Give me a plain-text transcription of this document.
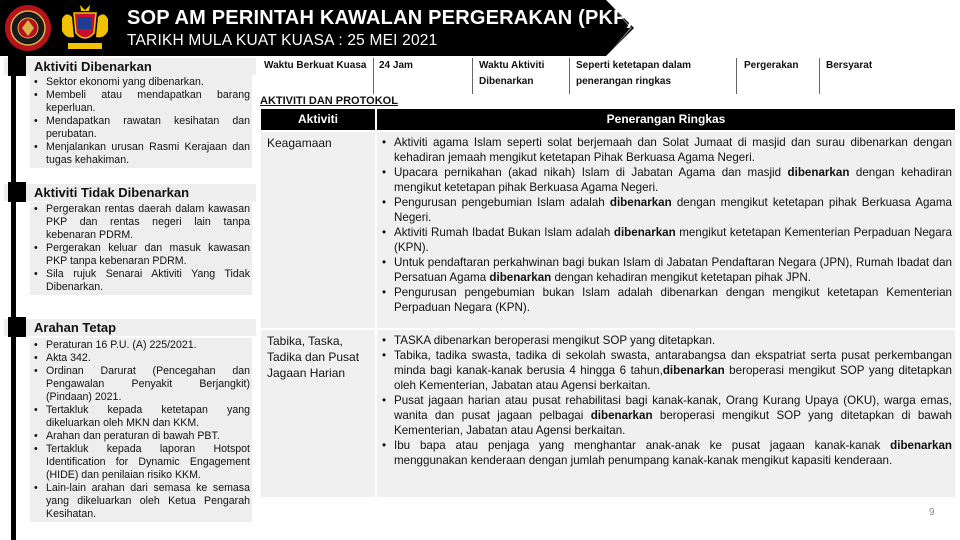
SOP AM PERINTAH KAWALAN PERGERAKAN (PKP)
TARIKH MULA KUAT KUASA : 25 MEI 2021
Aktiviti Dibenarkan
• Sektor ekonomi yang dibenarkan.
• Membeli atau mendapatkan barang keperluan.
• Mendapatkan rawatan kesihatan dan perubatan.
• Menjalankan urusan Rasmi Kerajaan dan tugas kehakiman.
Aktiviti Tidak Dibenarkan
• Pergerakan rentas daerah dalam kawasan PKP dan rentas negeri lain tanpa kebenaran PDRM.
• Pergerakan keluar dan masuk kawasan PKP tanpa kebenaran PDRM.
• Sila rujuk Senarai Aktiviti Yang Tidak Dibenarkan.
Arahan Tetap
• Peraturan 16 P.U. (A) 225/2021.
• Akta 342.
• Ordinan Darurat (Pencegahan dan Pengawalan Penyakit Berjangkit) (Pindaan) 2021.
• Tertakluk kepada ketetapan yang dikeluarkan oleh MKN dan KKM.
• Arahan dan peraturan di bawah PBT.
• Tertakluk kepada laporan Hotspot Identification for Dynamic Engagement (HIDE) dan penilaian risiko KKM.
• Lain-lain arahan dari semasa ke semasa yang dikeluarkan oleh Ketua Pengarah Kesihatan.
Waktu Berkuat Kuasa 24 Jam	Waktu Aktiviti Dibenarkan
Seperti ketetapan dalam penerangan ringkas
Pergerakan	Bersyarat
AKTIVITI DAN PROTOKOL
Aktiviti	Penerangan Ringkas
Keagamaan
•	Aktiviti agama Islam seperti solat berjemaah dan Solat Jumaat di masjid dan surau dibenarkan dengan kehadiran jemaah mengikut ketetapan Pihak Berkuasa Agama Negeri.
• Upacara pernikahan (akad nikah) Islam di Jabatan Agama dan masjid dibenarkan dengan kehadiran mengikut ketetapan pihak Berkuasa Agama Negeri.
• Pengurusan pengebumian Islam adalah dibenarkan dengan mengikut ketetapan pihak Berkuasa Agama Negeri.
• Aktiviti Rumah Ibadat Bukan Islam adalah dibenarkan mengikut ketetapan Kementerian Perpaduan Negara (KPN).
• Untuk pendaftaran perkahwinan bagi bukan Islam di Jabatan Pendaftaran Negara (JPN), Rumah Ibadat dan Persatuan Agama dibenarkan dengan kehadiran mengikut ketetapan pihak JPN.
• Pengurusan pengebumian bukan Islam adalah dibenarkan dengan mengikut ketetapan Kementerian Perpaduan Negara (KPN).
Tabika, Taska, Tadika dan Pusat Jagaan Harian
• TASKA dibenarkan beroperasi mengikut SOP yang ditetapkan.
• Tabika, tadika swasta, tadika di sekolah swasta, antarabangsa dan ekspatriat serta pusat perkembangan minda bagi kanak-kanak berusia 4 hingga 6 tahun,dibenarkan beroperasi mengikut SOP yang ditetapkan oleh Kementerian, Jabatan atau Agensi berkaitan.
• Pusat jagaan harian atau pusat rehabilitasi bagi kanak-kanak, Orang Kurang Upaya (OKU), warga emas, wanita dan pusat jagaan pelbagai dibenarkan beroperasi mengikut SOP yang ditetapkan di bawah Kementerian, Jabatan atau Agensi berkaitan.
• Ibu bapa atau penjaga yang menghantar anak-anak ke pusat jagaan kanak-kanak dibenarkan menggunakan kenderaan dengan jumlah penumpang kanak-kanak mengikut kapasiti kenderaan.
9
